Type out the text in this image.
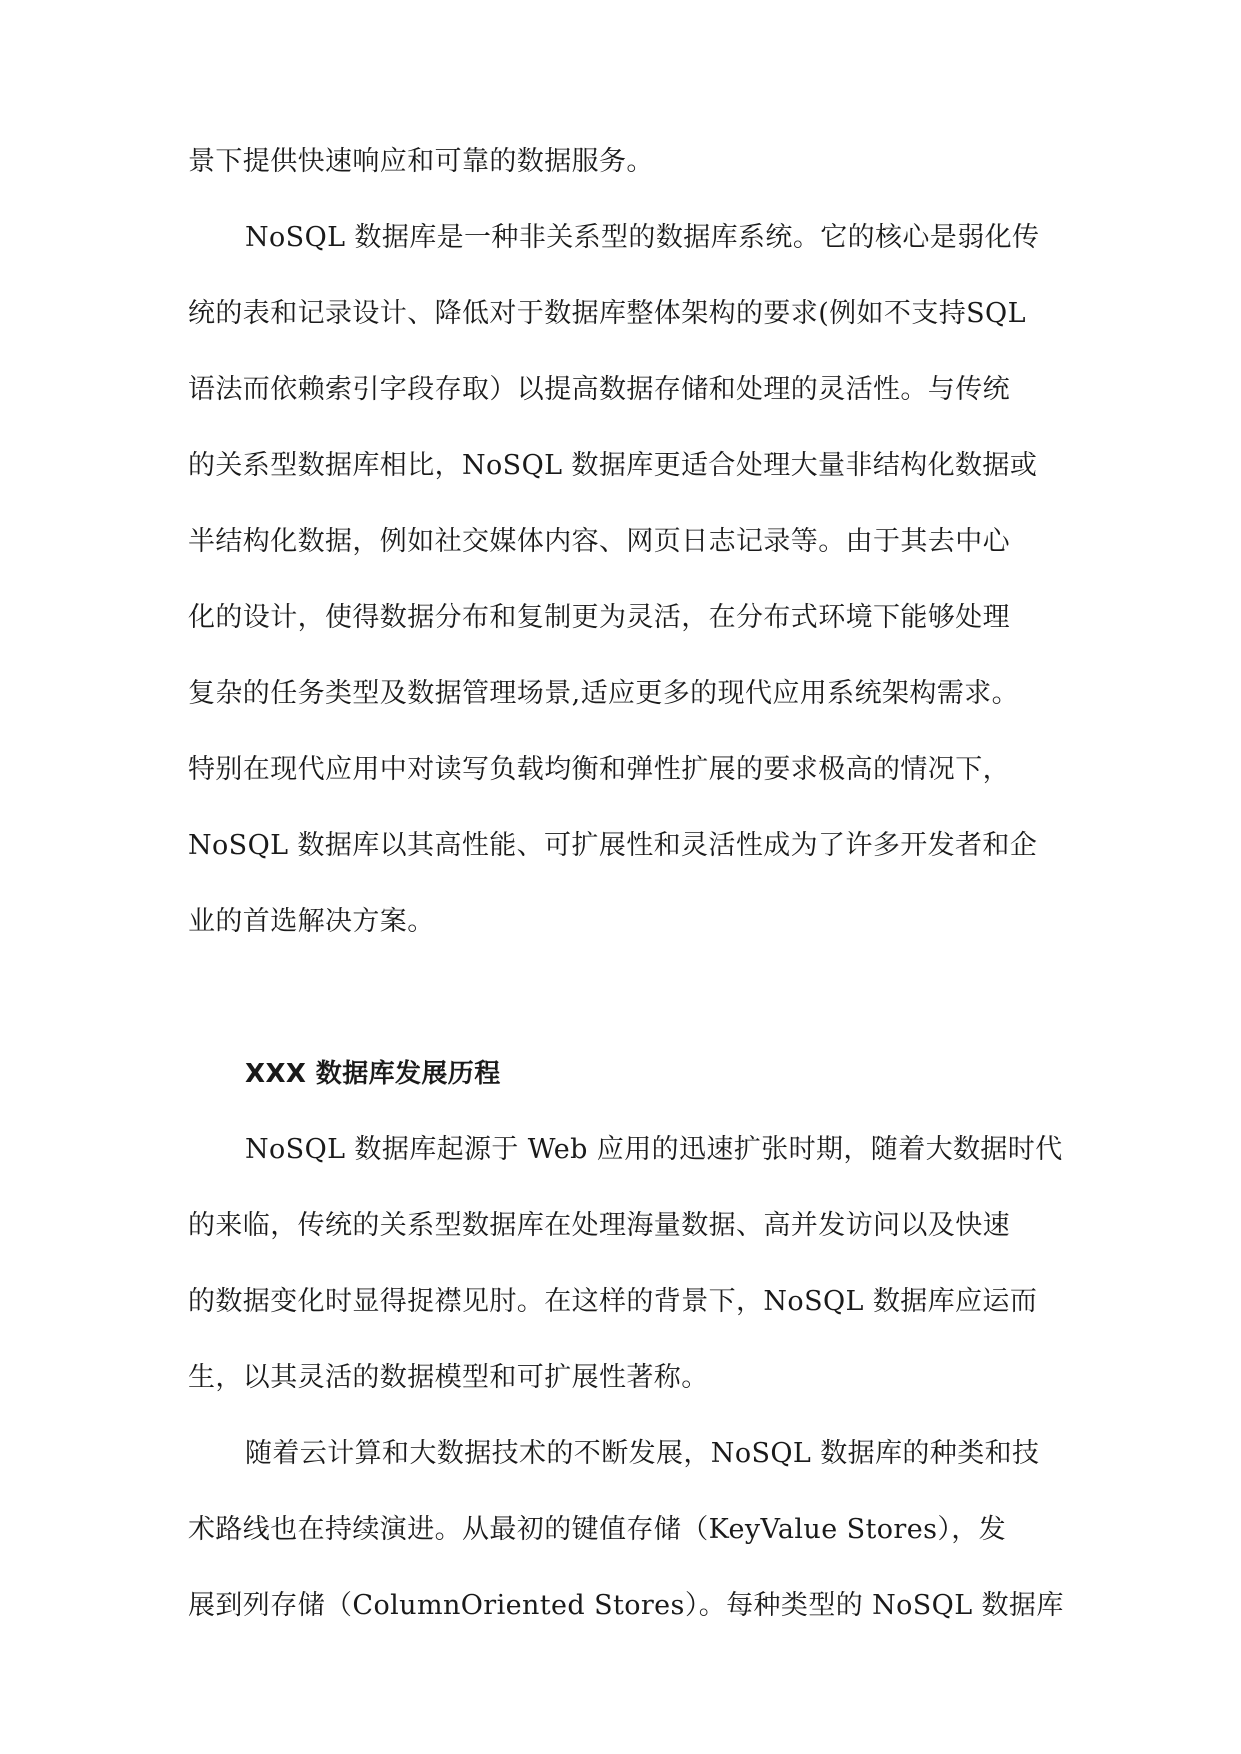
景下提供快速响应和可靠的数据服务。
NoSQL 数据库是一种非关系型的数据库系统。它的核心是弱化传
统的表和记录设计、降低对于数据库整体架构的要求(例如不支持SQL
语法而依赖索引字段存取）以提高数据存储和处理的灵活性。与传统
的关系型数据库相比，NoSQL 数据库更适合处理大量非结构化数据或
半结构化数据，例如社交媒体内容、网页日志记录等。由于其去中心
化的设计，使得数据分布和复制更为灵活，在分布式环境下能够处理
复杂的任务类型及数据管理场景,适应更多的现代应用系统架构需求。
特别在现代应用中对读写负载均衡和弹性扩展的要求极高的情况下，
NoSQL 数据库以其高性能、可扩展性和灵活性成为了许多开发者和企
业的首选解决方案。
XXX 数据库发展历程
NoSQL 数据库起源于 Web 应用的迅速扩张时期，随着大数据时代
的来临，传统的关系型数据库在处理海量数据、高并发访问以及快速
的数据变化时显得捉襟见肘。在这样的背景下，NoSQL 数据库应运而
生，以其灵活的数据模型和可扩展性著称。
随着云计算和大数据技术的不断发展，NoSQL 数据库的种类和技
术路线也在持续演进。从最初的键值存储（KeyValue Stores），发
展到列存储（ColumnOriented Stores）。每种类型的 NoSQL 数据库
